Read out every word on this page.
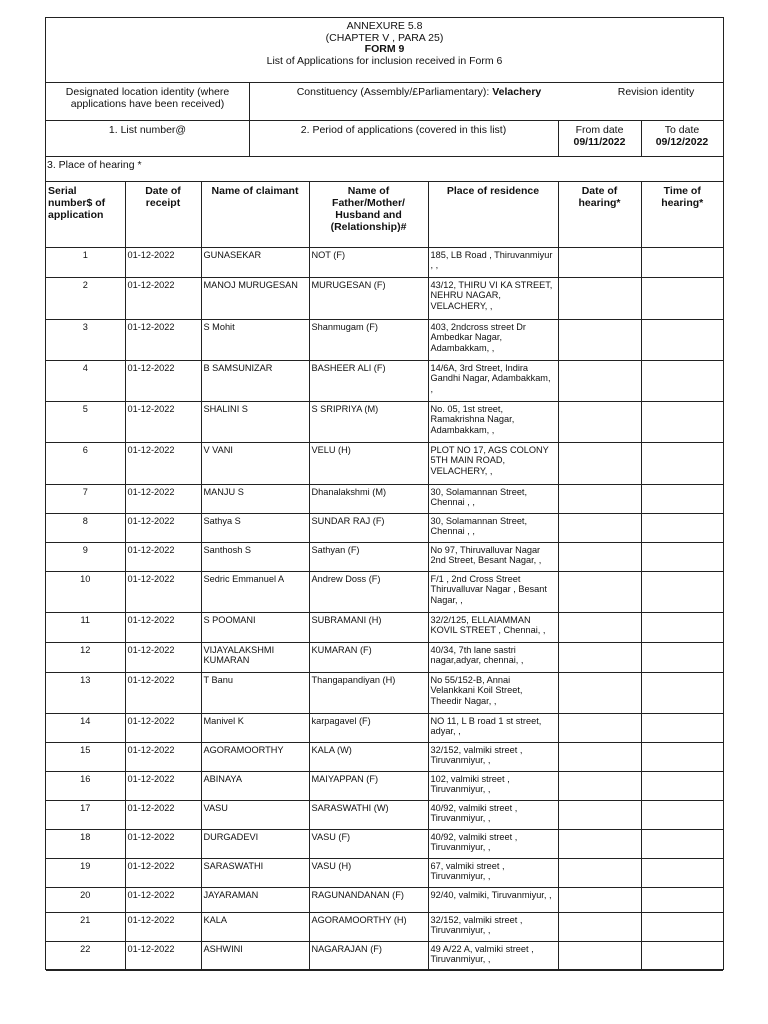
ANNEXURE 5.8
(CHAPTER V , PARA 25)
FORM 9
List of Applications for inclusion received in Form 6
Designated location identity (where applications have been received)
Constituency (Assembly/£Parliamentary): Velachery	Revision identity
1. List number@	2. Period of applications (covered in this list)	From date
09/11/2022
To date
09/12/2022
3. Place of hearing *
Serial number$ of application	Date of receipt	Name of claimant	Name of Father/Mother/ Husband and (Relationship)#	Place of residence	Date of hearing*	Time of hearing*
1	01-12-2022	GUNASEKAR	NOT (F)	185, LB Road , Thiruvanmiyur , ,		
2	01-12-2022	MANOJ MURUGESAN	MURUGESAN (F)	43/12, THIRU VI KA STREET, NEHRU NAGAR, VELACHERY, ,		
3	01-12-2022	S Mohit	Shanmugam (F)	403, 2ndcross street Dr Ambedkar Nagar, Adambakkam, ,		
4	01-12-2022	B SAMSUNIZAR	BASHEER ALI (F)	14/6A, 3rd Street, Indira Gandhi Nagar, Adambakkam, ,		
5	01-12-2022	SHALINI S	S SRIPRIYA (M)	No. 05, 1st street, Ramakrishna Nagar, Adambakkam, ,		
6	01-12-2022	V VANI	VELU (H)	PLOT NO 17, AGS COLONY 5TH MAIN ROAD, VELACHERY, ,		
7	01-12-2022	MANJU S	Dhanalakshmi (M)	30, Solamannan Street, Chennai , ,		
8	01-12-2022	Sathya S	SUNDAR RAJ (F)	30, Solamannan Street, Chennai , ,		
9	01-12-2022	Santhosh S	Sathyan (F)	No 97, Thiruvalluvar Nagar 2nd Street, Besant Nagar, ,		
10	01-12-2022	Sedric Emmanuel A	Andrew Doss (F)	F/1 , 2nd Cross Street Thiruvalluvar Nagar , Besant Nagar, ,		
11	01-12-2022	S POOMANI	SUBRAMANI (H)	32/2/125, ELLAIAMMAN KOVIL STREET , Chennai, ,		
12	01-12-2022	VIJAYALAKSHMI KUMARAN	KUMARAN (F)	40/34, 7th lane sastri nagar,adyar, chennai, ,		
13	01-12-2022	T Banu	Thangapandiyan (H)	No 55/152-B, Annai Velankkani Koil Street, Theedir Nagar, ,		
14	01-12-2022	Manivel K	karpagavel (F)	NO 11, L B road 1 st street, adyar, ,		
15	01-12-2022	AGORAMOORTHY	KALA (W)	32/152, valmiki street , Tiruvanmiyur, ,		
16	01-12-2022	ABINAYA	MAIYAPPAN (F)	102, valmiki street , Tiruvanmiyur, ,		
17	01-12-2022	VASU	SARASWATHI (W)	40/92, valmiki street , Tiruvanmiyur, ,		
18	01-12-2022	DURGADEVI	VASU (F)	40/92, valmiki street , Tiruvanmiyur, ,		
19	01-12-2022	SARASWATHI	VASU (H)	67, valmiki street , Tiruvanmiyur, ,		
20	01-12-2022	JAYARAMAN	RAGUNANDANAN (F)	92/40, valmiki, Tiruvanmiyur, ,		
21	01-12-2022	KALA	AGORAMOORTHY (H)	32/152, valmiki street , Tiruvanmiyur, ,		
22	01-12-2022	ASHWINI	NAGARAJAN (F)	49 A/22 A, valmiki street , Tiruvanmiyur, ,		
